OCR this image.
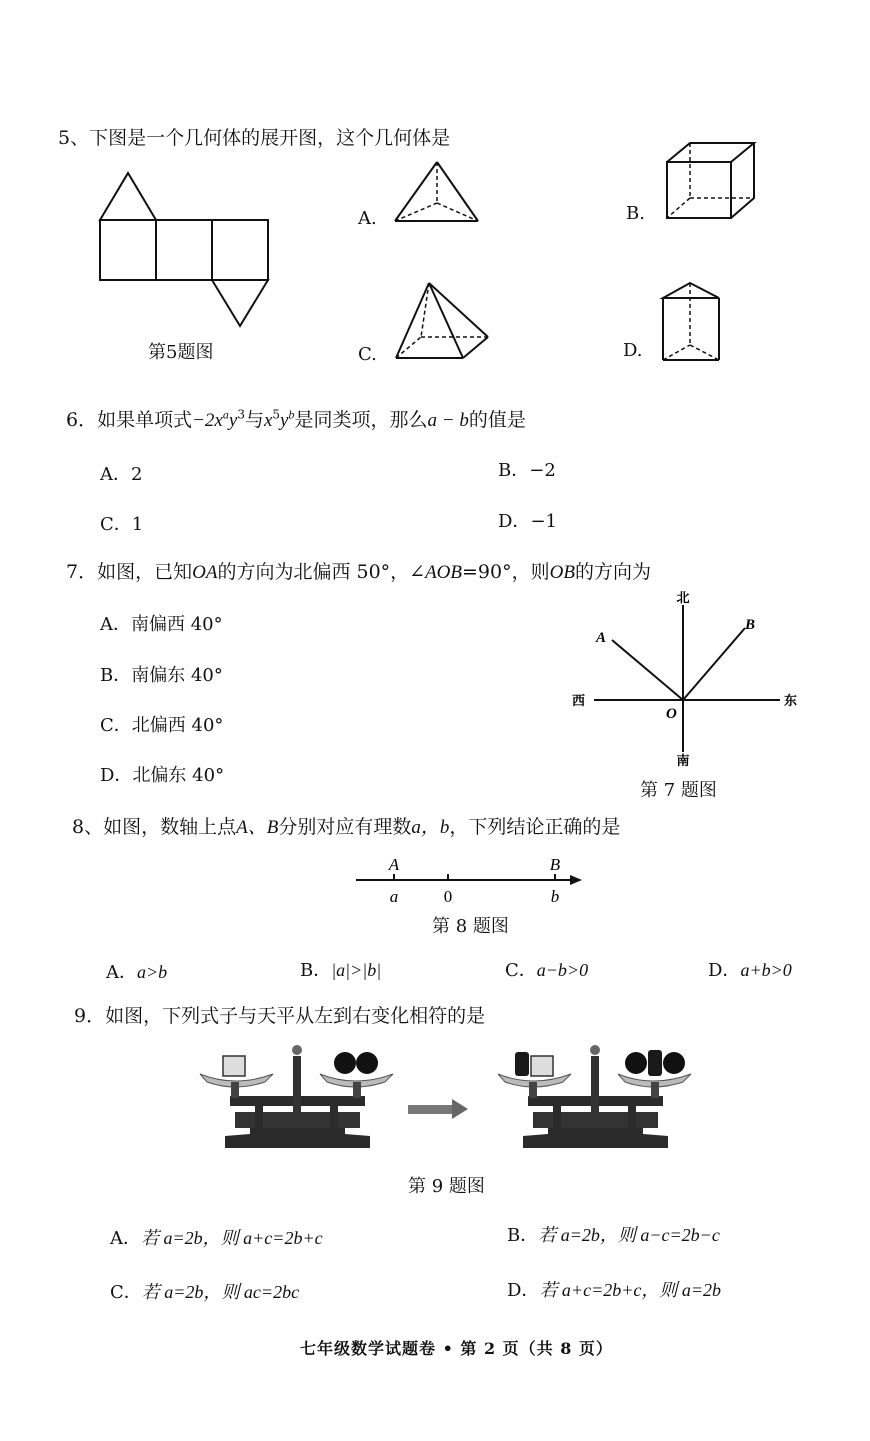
5、下图是一个几何体的展开图，这个几何体是
第5题图
A.	B.
C.	D.
6．如果单项式$-2x^ay^3$与$x^5y^b$是同类项，那么a − b的值是
A．2	B．−2
C．1	D．−1
7．如图，已知OA的方向为北偏西 50°，∠AOB=90°，则OB的方向为
A．南偏西 40°
B．南偏东 40°
C．北偏西 40°
D．北偏东 40°
北
南
西	东
O
A
B
第 7 题图
8、如图，数轴上点A、B分别对应有理数a，b，下列结论正确的是
A	B
a	0	b
第 8 题图
A．a>b	B．|a|>|b|	C．a−b>0	D．a+b>0
9．如图，下列式子与天平从左到右变化相符的是
第 9 题图
A．若 a=2b，则 a+c=2b+c	B．若 a=2b，则 a−c=2b−c
C．若 a=2b，则 ac=2bc	D．若 a+c=2b+c，则 a=2b
七年级数学试题卷 • 第 2 页（共 8 页）
